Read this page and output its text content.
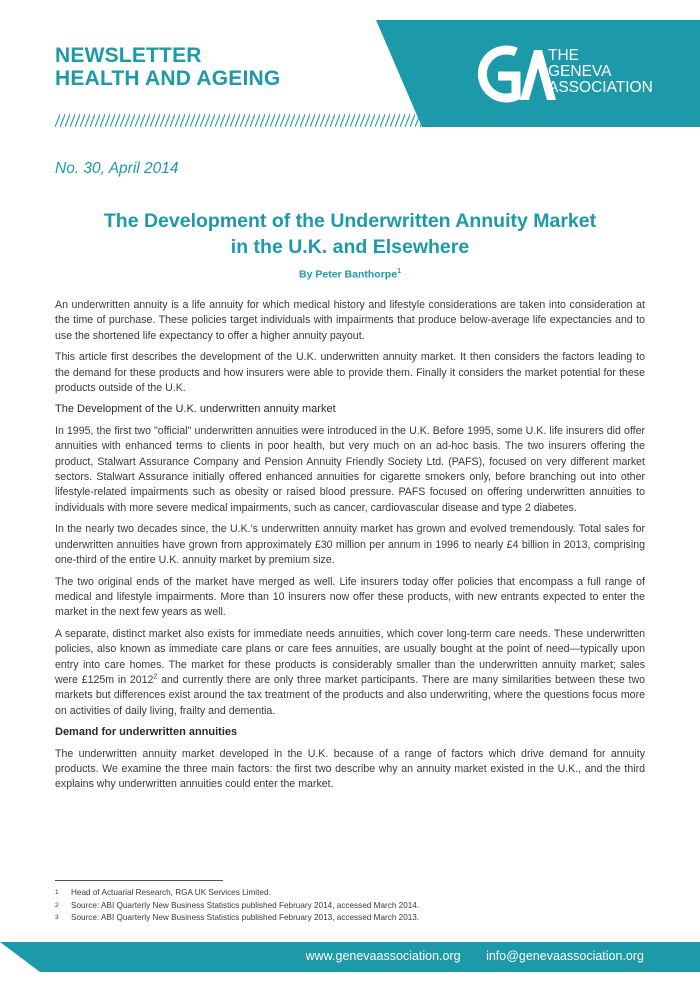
NEWSLETTER
HEALTH AND AGEING
THE
GENEVA
ASSOCIATION
No. 30, April 2014
The Development of the Underwritten Annuity Market
in the U.K. and Elsewhere
By Peter Banthorpe$^1$

An underwritten annuity is a life annuity for which medical history and lifestyle considerations are taken into consideration at the time of purchase. These policies target individuals with impairments that produce below-average life expectancies and to use the shortened life expectancy to offer a higher annuity payout.

This article first describes the development of the U.K. underwritten annuity market. It then considers the factors leading to the demand for these products and how insurers were able to provide them. Finally it considers the market potential for these products outside of the U.K.

The Development of the U.K. underwritten annuity market

In 1995, the first two "official" underwritten annuities were introduced in the U.K. Before 1995, some U.K. life insurers did offer annuities with enhanced terms to clients in poor health, but very much on an ad-hoc basis. The two insurers offering the product, Stalwart Assurance Company and Pension Annuity Friendly Society Ltd. (PAFS), focused on very different market sectors. Stalwart Assurance initially offered enhanced annuities for cigarette smokers only, before branching out into other lifestyle-related impairments such as obesity or raised blood pressure. PAFS focused on offering underwritten annuities to individuals with more severe medical impairments, such as cancer, cardiovascular disease and type 2 diabetes.

In the nearly two decades since, the U.K.'s underwritten annuity market has grown and evolved tremendously. Total sales for underwritten annuities have grown from approximately £30 million per annum in 1996 to nearly £4 billion in 2013, comprising one-third of the entire U.K. annuity market by premium size.

The two original ends of the market have merged as well. Life insurers today offer policies that encompass a full range of medical and lifestyle impairments. More than 10 insurers now offer these products, with new entrants expected to enter the market in the next few years as well.

A separate, distinct market also exists for immediate needs annuities, which cover long-term care needs. These underwritten policies, also known as immediate care plans or care fees annuities, are usually bought at the point of need—typically upon entry into care homes. The market for these products is considerably smaller than the underwritten annuity market; sales were £125m in 2012$^2$ and currently there are only three market participants. There are many similarities between these two markets but differences exist around the tax treatment of the products and also underwriting, where the questions focus more on activities of daily living, frailty and dementia.

Demand for underwritten annuities

The underwritten annuity market developed in the U.K. because of a range of factors which drive demand for annuity products. We examine the three main factors: the first two describe why an annuity market existed in the U.K., and the third explains why underwritten annuities could enter the market.

1	Head of Actuarial Research, RGA UK Services Limited.
2	Source: ABI Quarterly New Business Statistics published February 2014, accessed March 2014.
3	Source: ABI Quarterly New Business Statistics published February 2013, accessed March 2013.
www.genevaassociation.org info@genevaassociation.org
